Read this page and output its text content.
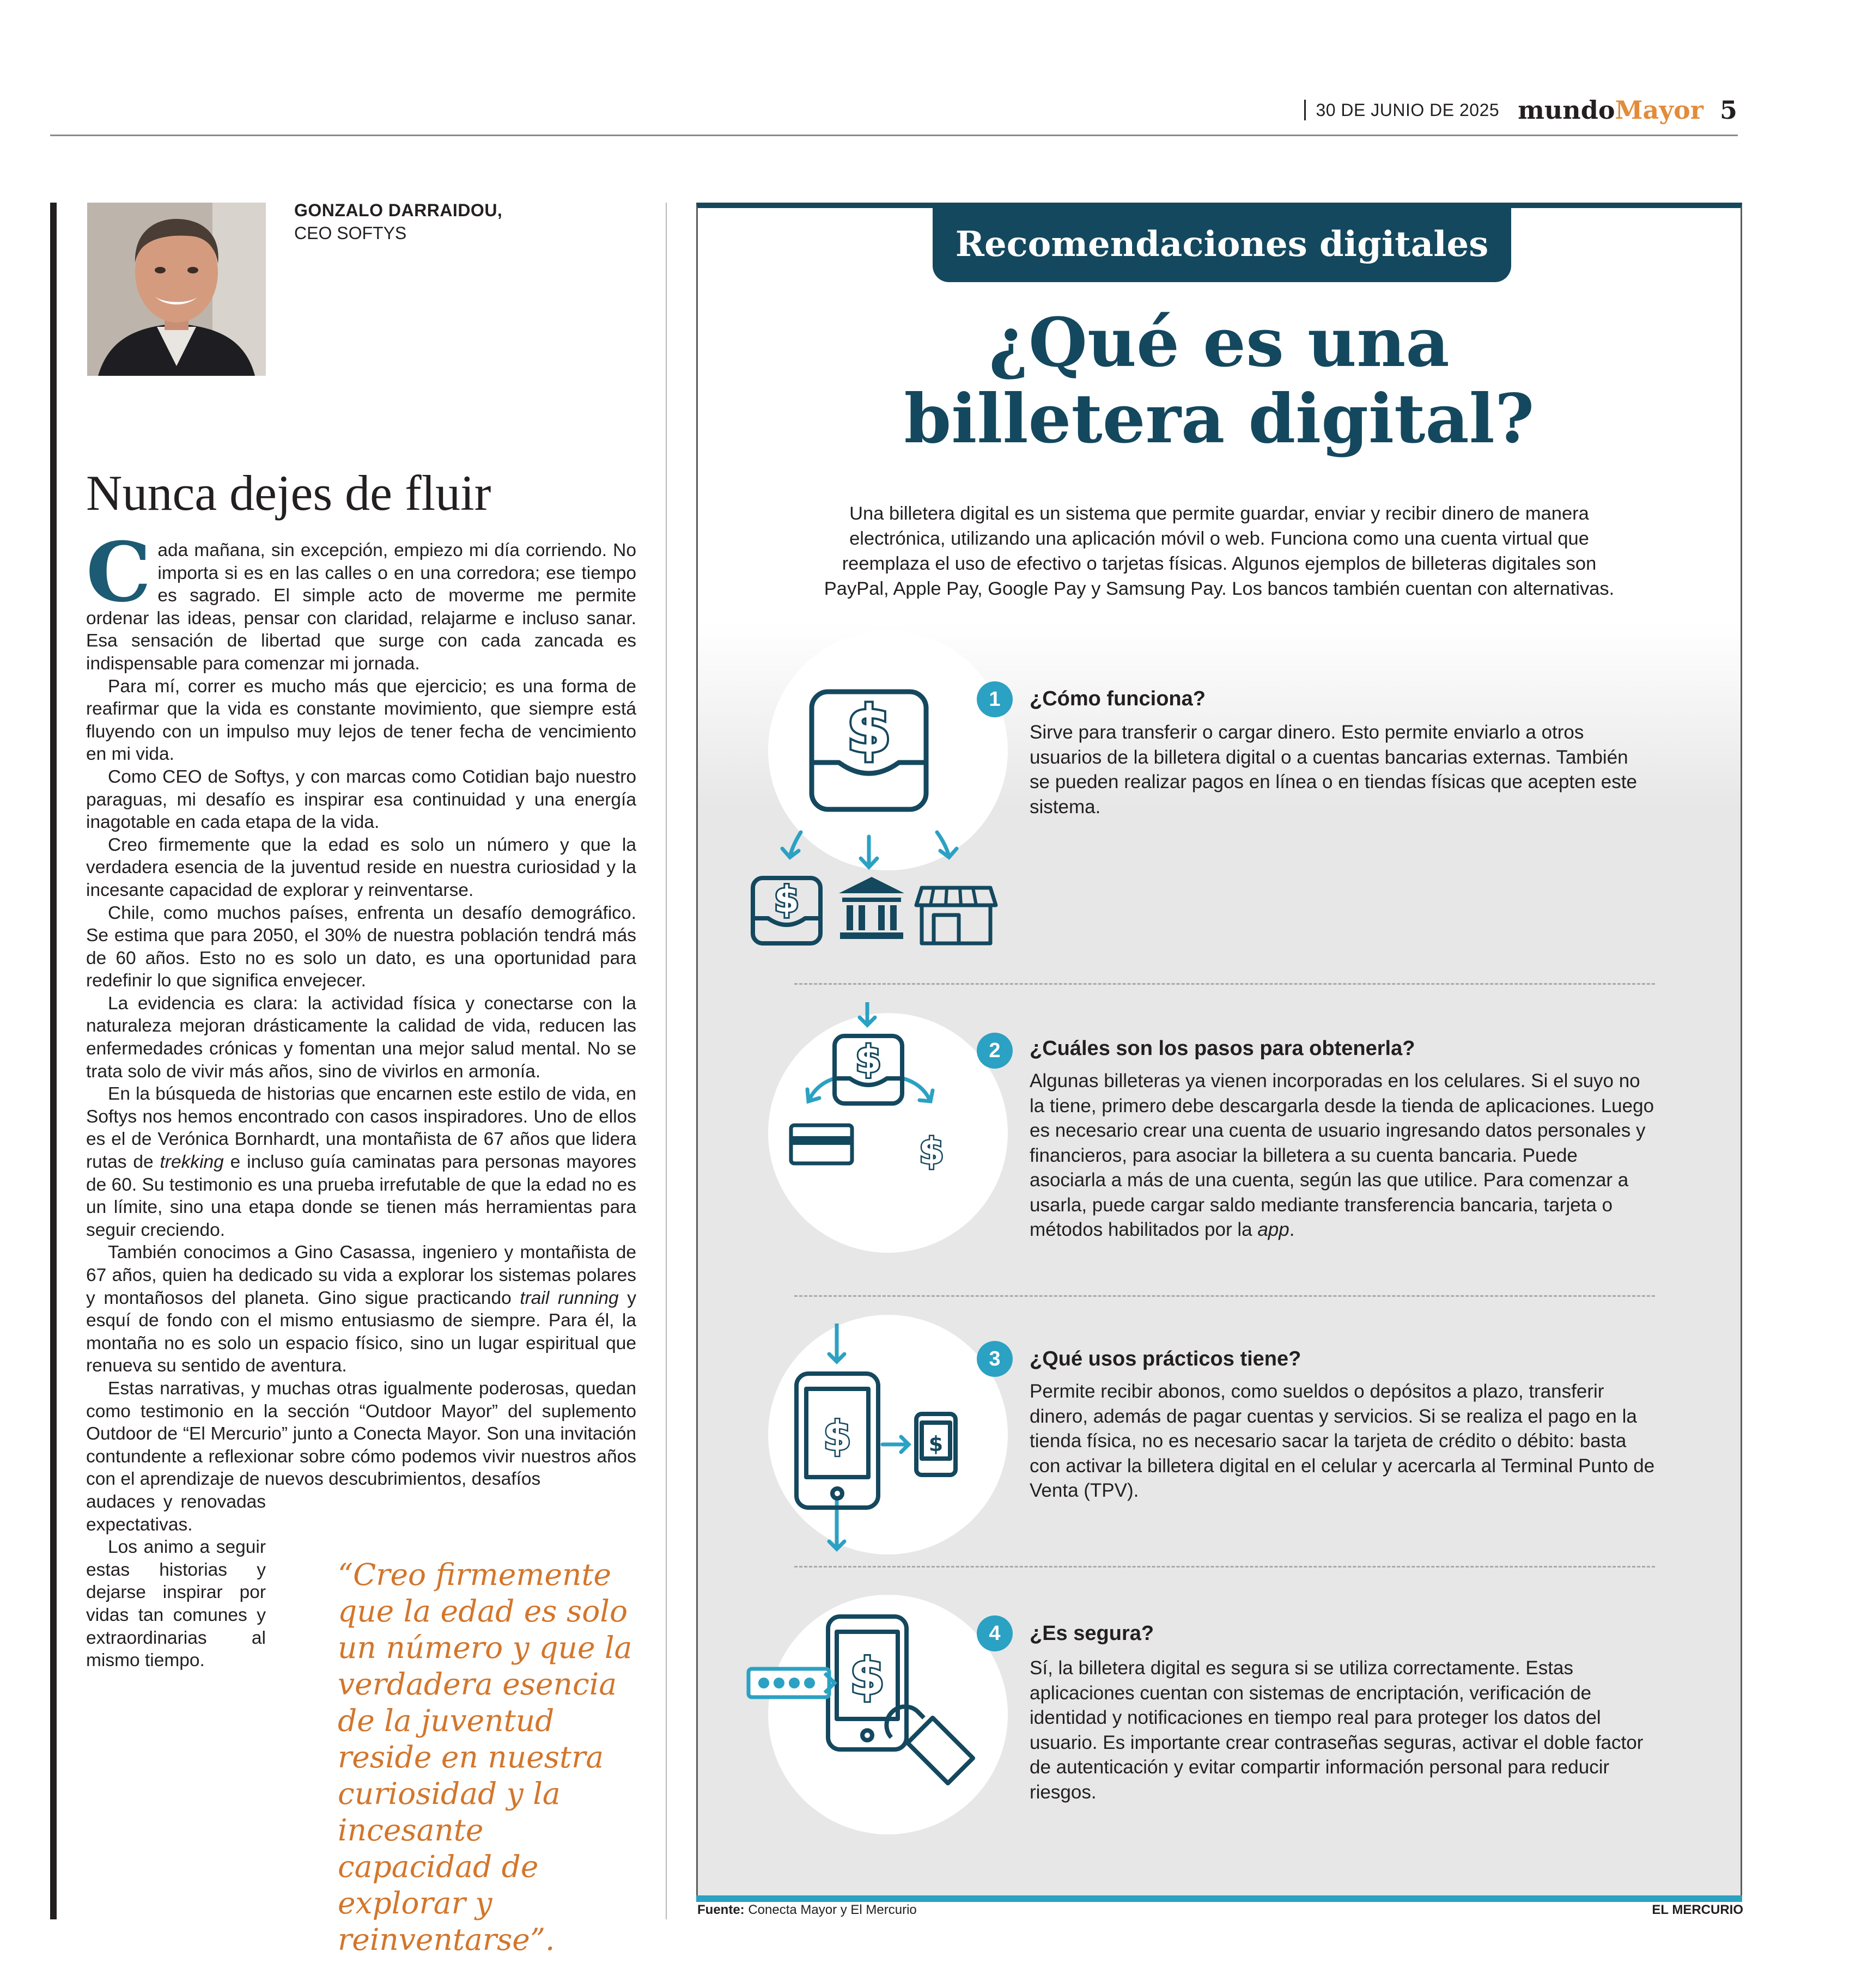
30 DE JUNIO DE 2025 mundoMayor 5
GONZALO DARRAIDOU,
CEO SOFTYS
Nunca dejes de fluir

Cada mañana, sin excepción, empiezo mi día corriendo. No importa si es en las calles o en una corredora; ese tiempo es sagrado. El simple acto de moverme me permite ordenar las ideas, pensar con claridad, relajarme e incluso sanar. Esa sensación de libertad que surge con cada zancada es indispensable para comenzar mi jornada.

Para mí, correr es mucho más que ejercicio; es una forma de reafirmar que la vida es constante movimiento, que siempre está fluyendo con un impulso muy lejos de tener fecha de vencimiento en mi vida.

Como CEO de Softys, y con marcas como Cotidian bajo nuestro paraguas, mi desafío es inspirar esa continuidad y una energía inagotable en cada etapa de la vida.

Creo firmemente que la edad es solo un número y que la verdadera esencia de la juventud reside en nuestra curiosidad y la incesante capacidad de explorar y reinventarse.

Chile, como muchos países, enfrenta un desafío demográfico. Se estima que para 2050, el 30% de nuestra población tendrá más de 60 años. Esto no es solo un dato, es una oportunidad para redefinir lo que significa envejecer.

La evidencia es clara: la actividad física y conectarse con la naturaleza mejoran drásticamente la calidad de vida, reducen las enfermedades crónicas y fomentan una mejor salud mental. No se trata solo de vivir más años, sino de vivirlos en armonía.

En la búsqueda de historias que encarnen este estilo de vida, en Softys nos hemos encontrado con casos inspiradores. Uno de ellos es el de Verónica Bornhardt, una montañista de 67 años que lidera rutas de trekking e incluso guía caminatas para personas mayores de 60. Su testimonio es una prueba irrefutable de que la edad no es un límite, sino una etapa donde se tienen más herramientas para seguir creciendo.

También conocimos a Gino Casassa, ingeniero y montañista de 67 años, quien ha dedicado su vida a explorar los sistemas polares y montañosos del planeta. Gino sigue practicando trail running y esquí de fondo con el mismo entusiasmo de siempre. Para él, la montaña no es solo un espacio físico, sino un lugar espiritual que renueva su sentido de aventura.

Estas narrativas, y muchas otras igualmente poderosas, quedan como testimonio en la sección “Outdoor Mayor” del suplemento Outdoor de “El Mercurio” junto a Conecta Mayor. Son una invitación contundente a reflexionar sobre cómo podemos vivir nuestros años con el aprendizaje de nuevos descubrimientos, desafíos

audaces y renovadas expectativas.

Los animo a seguir estas historias y dejarse inspirar por vidas tan comunes y extraordinarias al mismo tiempo.

“Creo firmemente que la edad es solo un número y que la verdadera esencia de la juventud reside en nuestra curiosidad y la incesante capacidad de explorar y reinventarse”.
Recomendaciones digitales
¿Qué es una
billetera digital?
Una billetera digital es un sistema que permite guardar, enviar y recibir dinero de manera electrónica, utilizando una aplicación móvil o web. Funciona como una cuenta virtual que reemplaza el uso de efectivo o tarjetas físicas. Algunos ejemplos de billeteras digitales son PayPal, Apple Pay, Google Pay y Samsung Pay. Los bancos también cuentan con alternativas.
$
$
1	¿Cómo funciona?
Sirve para transferir o cargar dinero. Esto permite enviarlo a otros usuarios de la billetera digital o a cuentas bancarias externas. También se pueden realizar pagos en línea o en tiendas físicas que acepten este sistema.
$
$
2	¿Cuáles son los pasos para obtenerla?
Algunas billeteras ya vienen incorporadas en los celulares. Si el suyo no la tiene, primero debe descargarla desde la tienda de aplicaciones. Luego es necesario crear una cuenta de usuario ingresando datos personales y financieros, para asociar la billetera a su cuenta bancaria. Puede asociarla a más de una cuenta, según las que utilice. Para comenzar a usarla, puede cargar saldo mediante transferencia bancaria, tarjeta o métodos habilitados por la app.
$	$
3	¿Qué usos prácticos tiene?
Permite recibir abonos, como sueldos o depósitos a plazo, transferir dinero, además de pagar cuentas y servicios. Si se realiza el pago en la tienda física, no es necesario sacar la tarjeta de crédito o débito: basta con activar la billetera digital en el celular y acercarla al Terminal Punto de Venta (TPV).
$
4	¿Es segura?
Sí, la billetera digital es segura si se utiliza correctamente. Estas aplicaciones cuentan con sistemas de encriptación, verificación de identidad y notificaciones en tiempo real para proteger los datos del usuario. Es importante crear contraseñas seguras, activar el doble factor de autenticación y evitar compartir información personal para reducir riesgos.
Fuente: Conecta Mayor y El Mercurio	EL MERCURIO
